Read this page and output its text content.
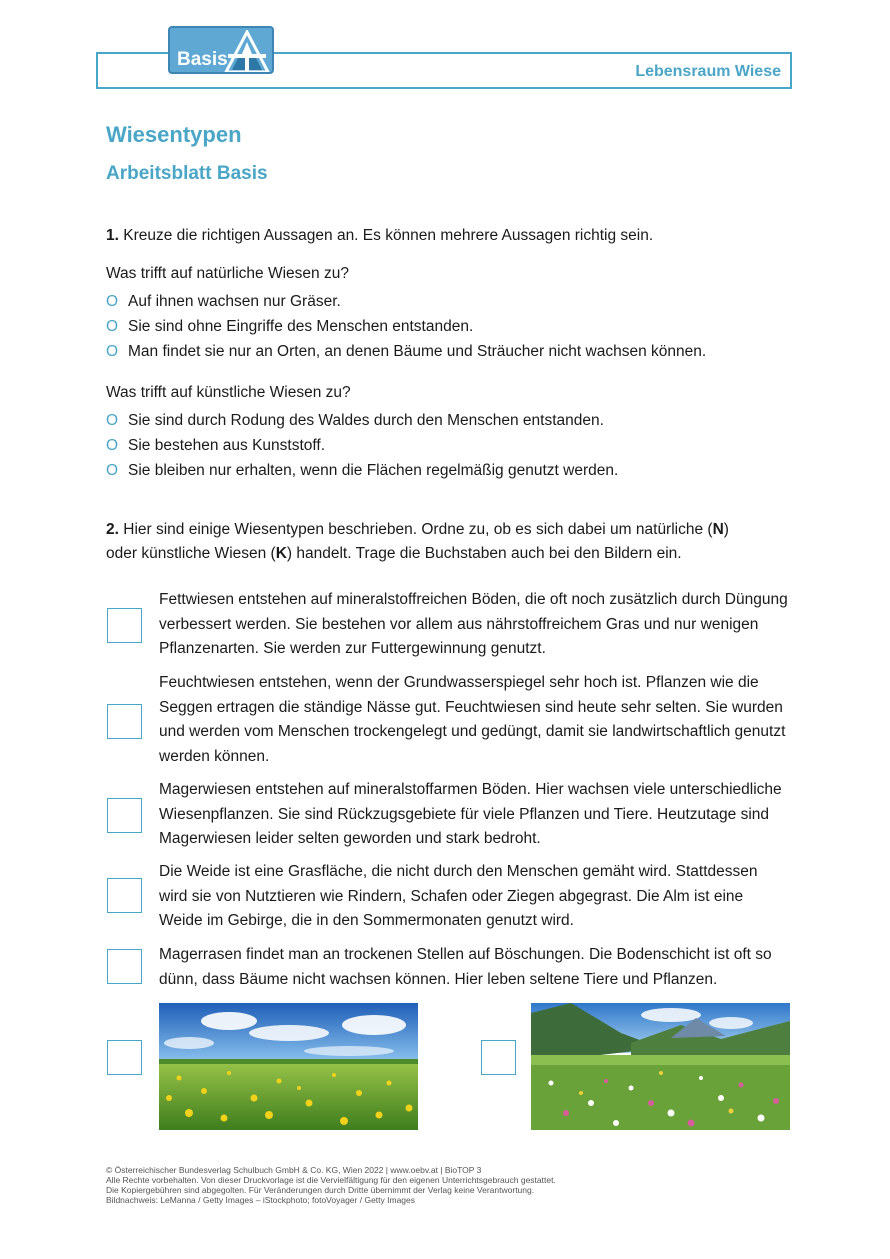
Lebensraum Wiese
Basis
Wiesentypen
Arbeitsblatt Basis
1. Kreuze die richtigen Aussagen an. Es können mehrere Aussagen richtig sein.
Was trifft auf natürliche Wiesen zu?
O Auf ihnen wachsen nur Gräser.
O Sie sind ohne Eingriffe des Menschen entstanden.
O Man findet sie nur an Orten, an denen Bäume und Sträucher nicht wachsen können.
Was trifft auf künstliche Wiesen zu?
O Sie sind durch Rodung des Waldes durch den Menschen entstanden.
O Sie bestehen aus Kunststoff.
O Sie bleiben nur erhalten, wenn die Flächen regelmäßig genutzt werden.
2. Hier sind einige Wiesentypen beschrieben. Ordne zu, ob es sich dabei um natürliche (N)
oder künstliche Wiesen (K) handelt. Trage die Buchstaben auch bei den Bildern ein.
Fettwiesen entstehen auf mineralstoffreichen Böden, die oft noch zusätzlich durch Düngung verbessert werden. Sie bestehen vor allem aus nährstoffreichem Gras und nur wenigen Pflanzenarten. Sie werden zur Futtergewinnung genutzt.
Feuchtwiesen entstehen, wenn der Grundwasserspiegel sehr hoch ist. Pflanzen wie die Seggen ertragen die ständige Nässe gut. Feuchtwiesen sind heute sehr selten. Sie wurden und werden vom Menschen trockengelegt und gedüngt, damit sie landwirtschaftlich genutzt werden können.
Magerwiesen entstehen auf mineralstoffarmen Böden. Hier wachsen viele unterschiedliche Wiesenpflanzen. Sie sind Rückzugsgebiete für viele Pflanzen und Tiere. Heutzutage sind Magerwiesen leider selten geworden und stark bedroht.
Die Weide ist eine Grasfläche, die nicht durch den Menschen gemäht wird. Stattdessen wird sie von Nutztieren wie Rindern, Schafen oder Ziegen abgegrast. Die Alm ist eine Weide im Gebirge, die in den Sommermonaten genutzt wird.
Magerrasen findet man an trockenen Stellen auf Böschungen. Die Bodenschicht ist oft so dünn, dass Bäume nicht wachsen können. Hier leben seltene Tiere und Pflanzen.
© Österreichischer Bundesverlag Schulbuch GmbH & Co. KG, Wien 2022 | www.oebv.at | BioTOP 3
Alle Rechte vorbehalten. Von dieser Druckvorlage ist die Vervielfältigung für den eigenen Unterrichtsgebrauch gestattet.
Die Kopiergebühren sind abgegolten. Für Veränderungen durch Dritte übernimmt der Verlag keine Verantwortung.
Bildnachweis: LeManna / Getty Images – iStockphoto; fotoVoyager / Getty Images
